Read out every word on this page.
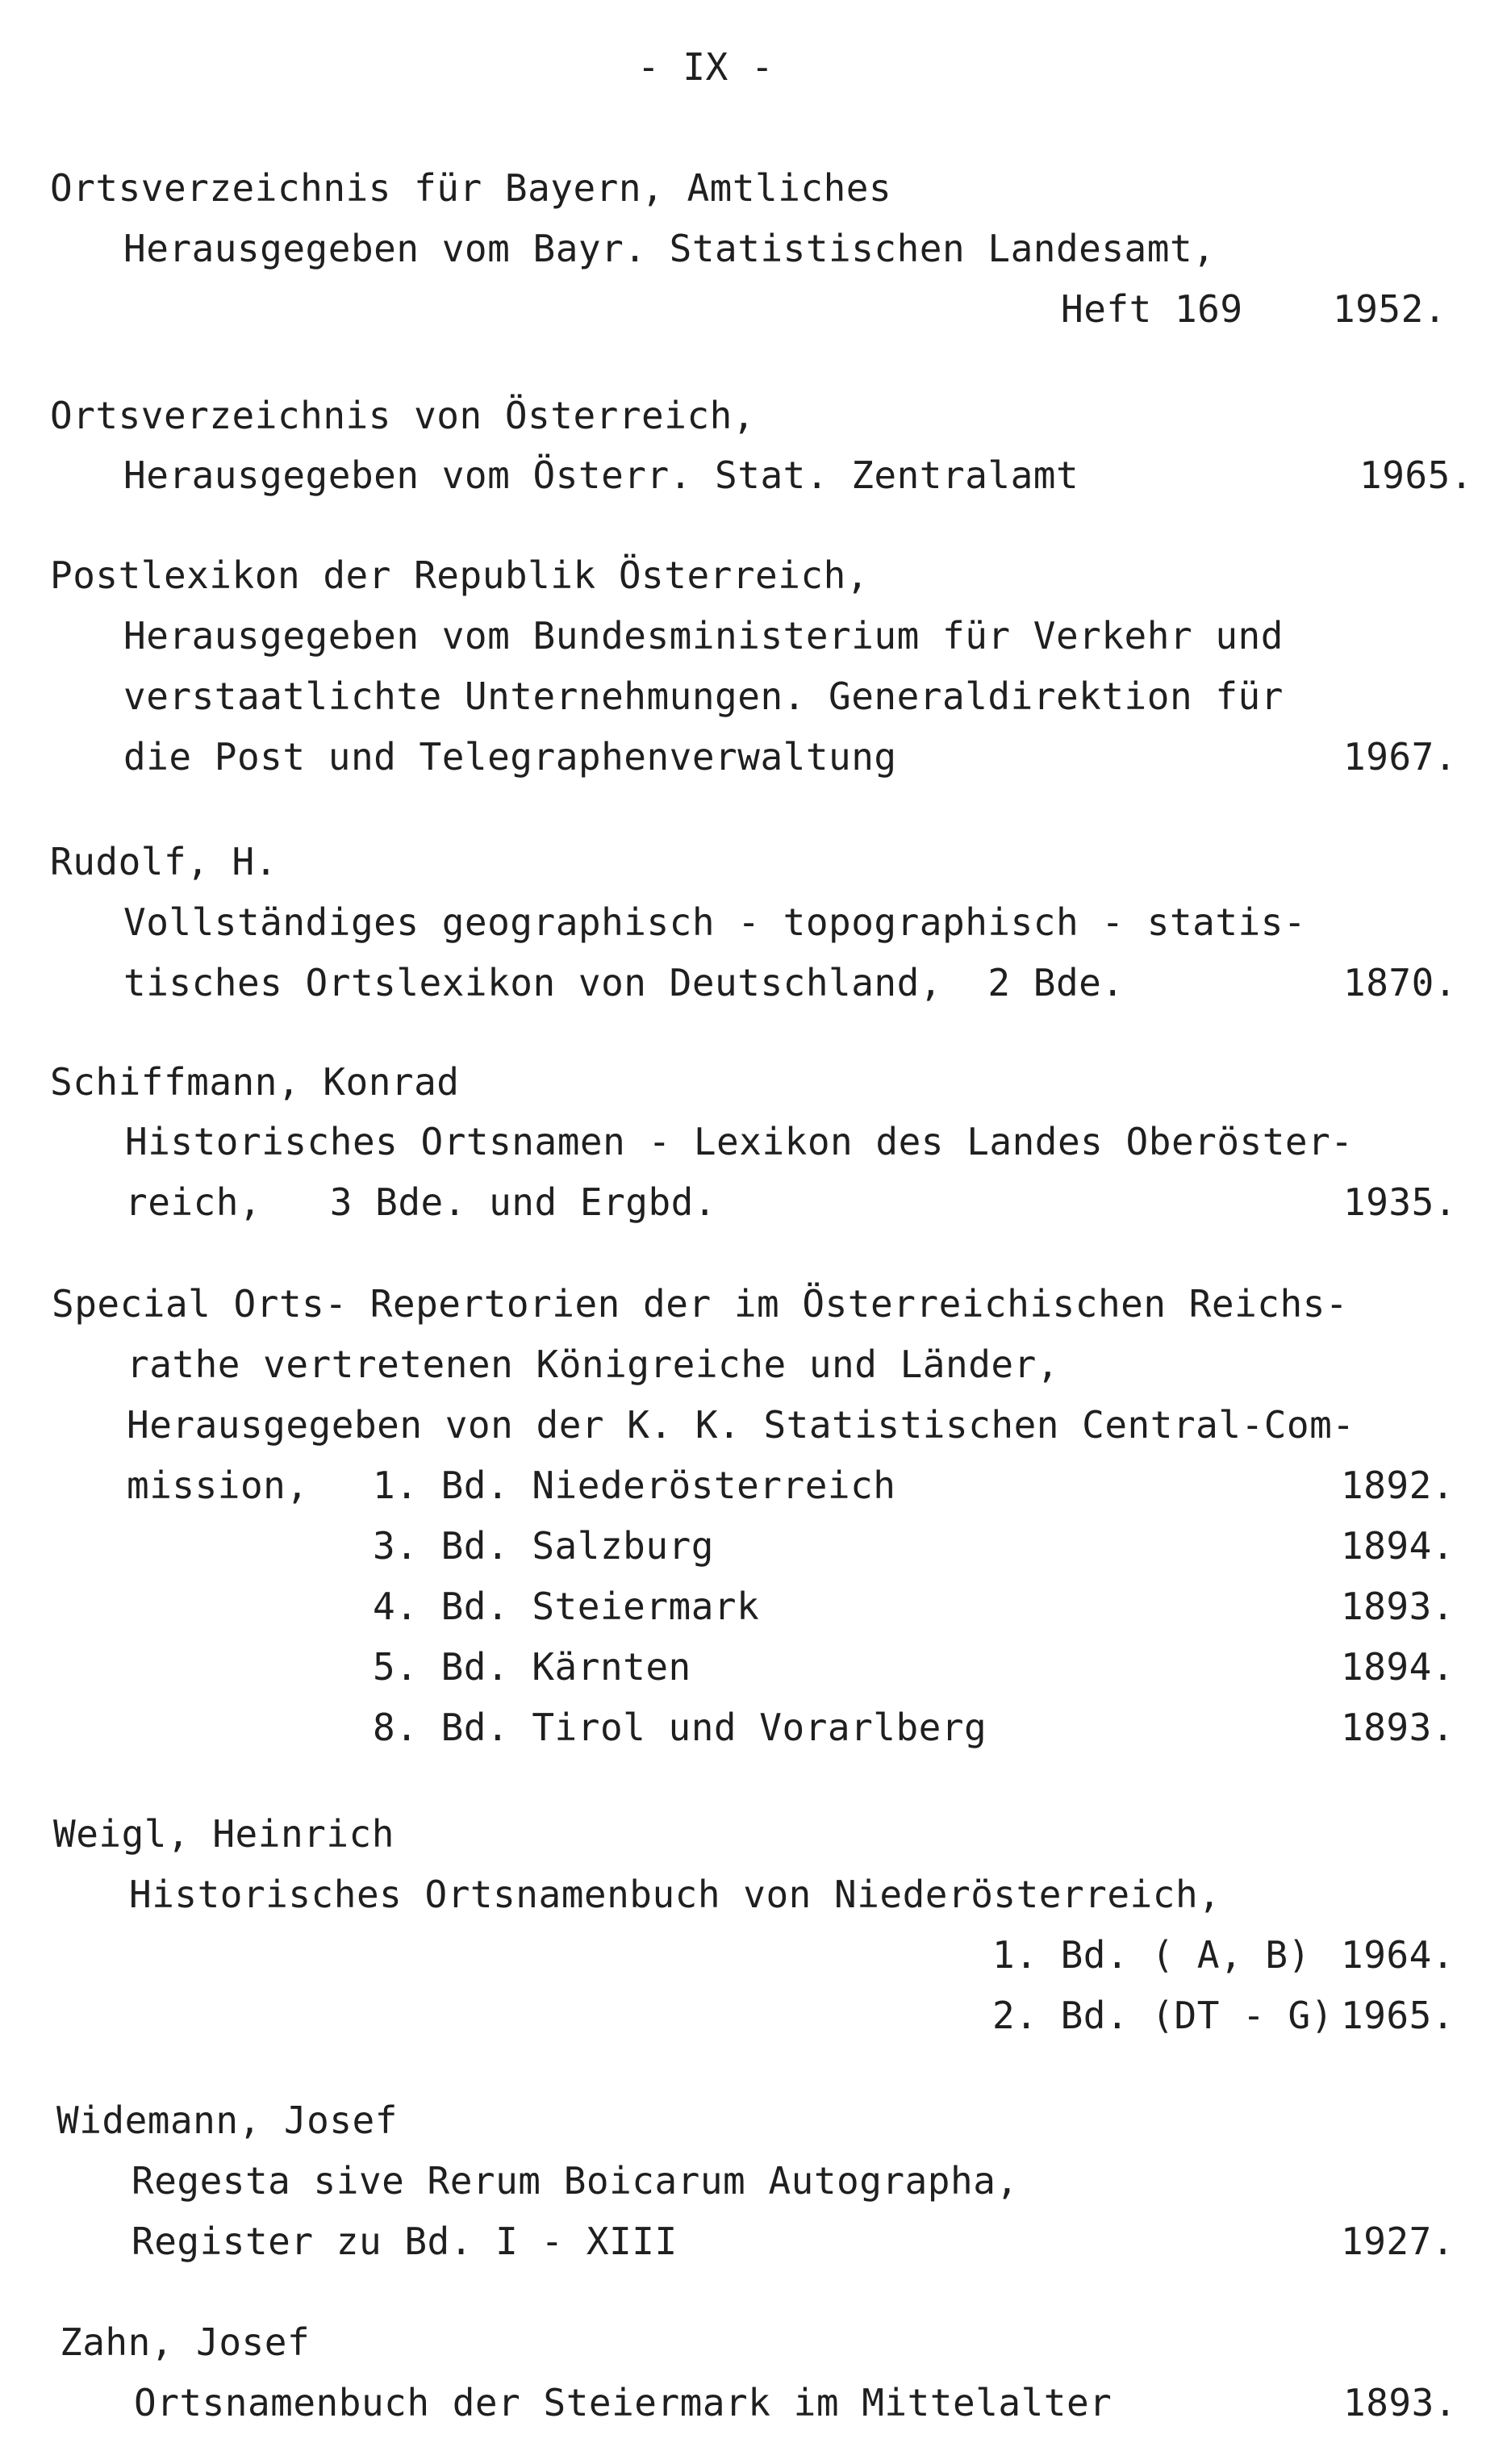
- IX -
Ortsverzeichnis für Bayern, Amtliches
Herausgegeben vom Bayr. Statistischen Landesamt,
Heft 169 1952.
Ortsverzeichnis von Österreich,
Herausgegeben vom Österr. Stat. Zentralamt	1965.
Postlexikon der Republik Österreich,
Herausgegeben vom Bundesministerium für Verkehr und
verstaatlichte Unternehmungen. Generaldirektion für
die Post und Telegraphenverwaltung	1967.
Rudolf, H.
Vollständiges geographisch - topographisch - statis-
tisches Ortslexikon von Deutschland,  2 Bde.	1870.
Schiffmann, Konrad
Historisches Ortsnamen - Lexikon des Landes Oberöster-
reich,   3 Bde. und Ergbd.	1935.
Special Orts- Repertorien der im Österreichischen Reichs-
rathe vertretenen Königreiche und Länder,
Herausgegeben von der K. K. Statistischen Central-Com-
mission, 1. Bd. Niederösterreich	1892.
3. Bd. Salzburg	1894.
4. Bd. Steiermark	1893.
5. Bd. Kärnten	1894.
8. Bd. Tirol und Vorarlberg	1893.
Weigl, Heinrich
Historisches Ortsnamenbuch von Niederösterreich,
1. Bd. ( A, B) 1964.
2. Bd. (DT - G) 1965.
Widemann, Josef
Regesta sive Rerum Boicarum Autographa,
Register zu Bd. I - XIII	1927.
Zahn, Josef
Ortsnamenbuch der Steiermark im Mittelalter	1893.
